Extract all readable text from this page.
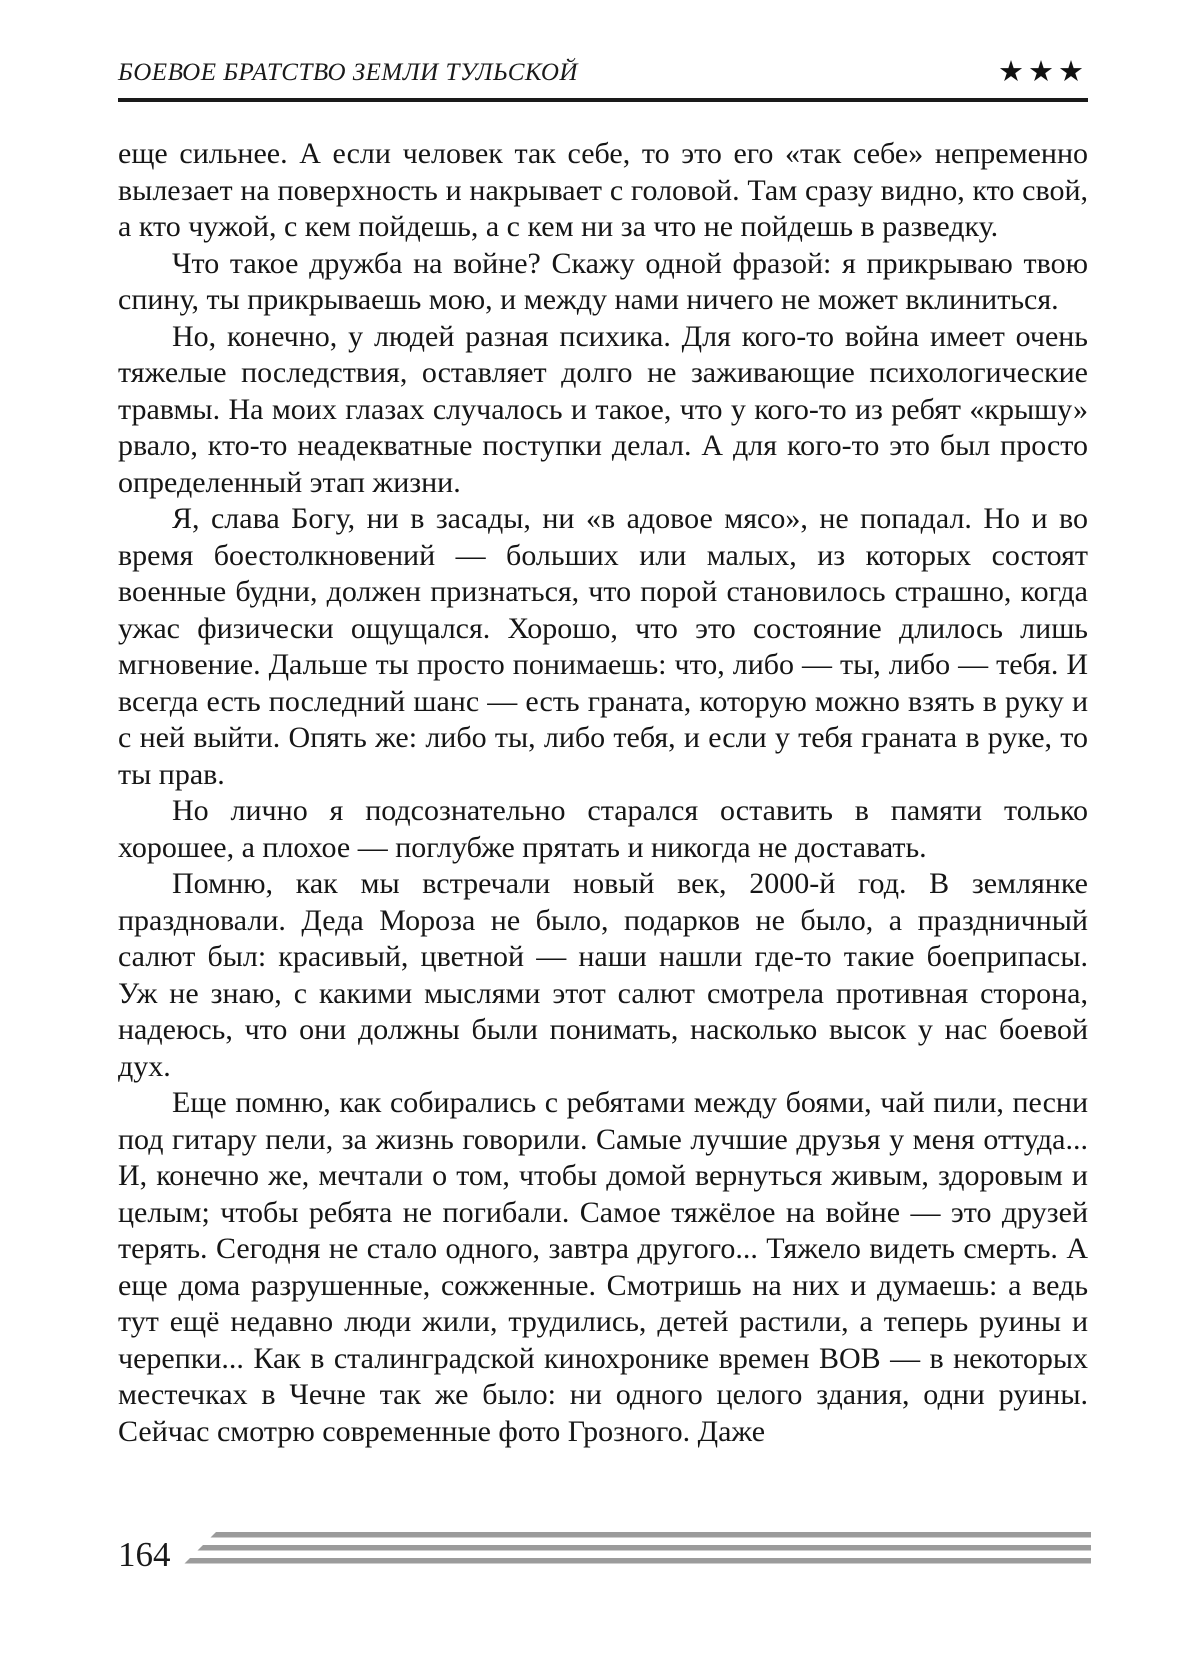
БОЕВОЕ БРАТСТВО ЗЕМЛИ ТУЛЬСКОЙ	★★★

еще сильнее. А если человек так себе, то это его «так себе» непременно вылезает на поверхность и накрывает с головой. Там сразу видно, кто свой, а кто чужой, с кем пойдешь, а с кем ни за что не пойдешь в разведку.

Что такое дружба на войне? Скажу одной фразой: я прикрываю твою спину, ты прикрываешь мою, и между нами ничего не может вклиниться.

Но, конечно, у людей разная психика. Для кого-то война имеет очень тяжелые последствия, оставляет долго не заживающие психологические травмы. На моих глазах случалось и такое, что у кого-то из ребят «крышу» рвало, кто-то неадекватные поступки делал. А для кого-то это был просто определенный этап жизни.

Я, слава Богу, ни в засады, ни «в адовое мясо», не попадал. Но и во время боестолкновений — больших или малых, из которых состоят военные будни, должен признаться, что порой становилось страшно, когда ужас физически ощущался. Хорошо, что это состояние длилось лишь мгновение. Дальше ты просто понимаешь: что, либо — ты, либо — тебя. И всегда есть последний шанс — есть граната, которую можно взять в руку и с ней выйти. Опять же: либо ты, либо тебя, и если у тебя граната в руке, то ты прав.

Но лично я подсознательно старался оставить в памяти только хорошее, а плохое — поглубже прятать и никогда не доставать.

Помню, как мы встречали новый век, 2000-й год. В землянке праздновали. Деда Мороза не было, подарков не было, а праздничный салют был: красивый, цветной — наши нашли где-то такие боеприпасы. Уж не знаю, с какими мыслями этот салют смотрела противная сторона, надеюсь, что они должны были понимать, насколько высок у нас боевой дух.

Еще помню, как собирались с ребятами между боями, чай пили, песни под гитару пели, за жизнь говорили. Самые лучшие друзья у меня оттуда... И, конечно же, мечтали о том, чтобы домой вернуться живым, здоровым и целым; чтобы ребята не погибали. Самое тяжёлое на войне — это друзей терять. Сегодня не стало одного, завтра другого... Тяжело видеть смерть. А еще дома разрушенные, сожженные. Смотришь на них и думаешь: а ведь тут ещё недавно люди жили, трудились, детей растили, а теперь руины и черепки... Как в сталинградской кинохронике времен ВОВ — в некоторых местечках в Чечне так же было: ни одного целого здания, одни руины. Сейчас смотрю современные фото Грозного. Даже

164
